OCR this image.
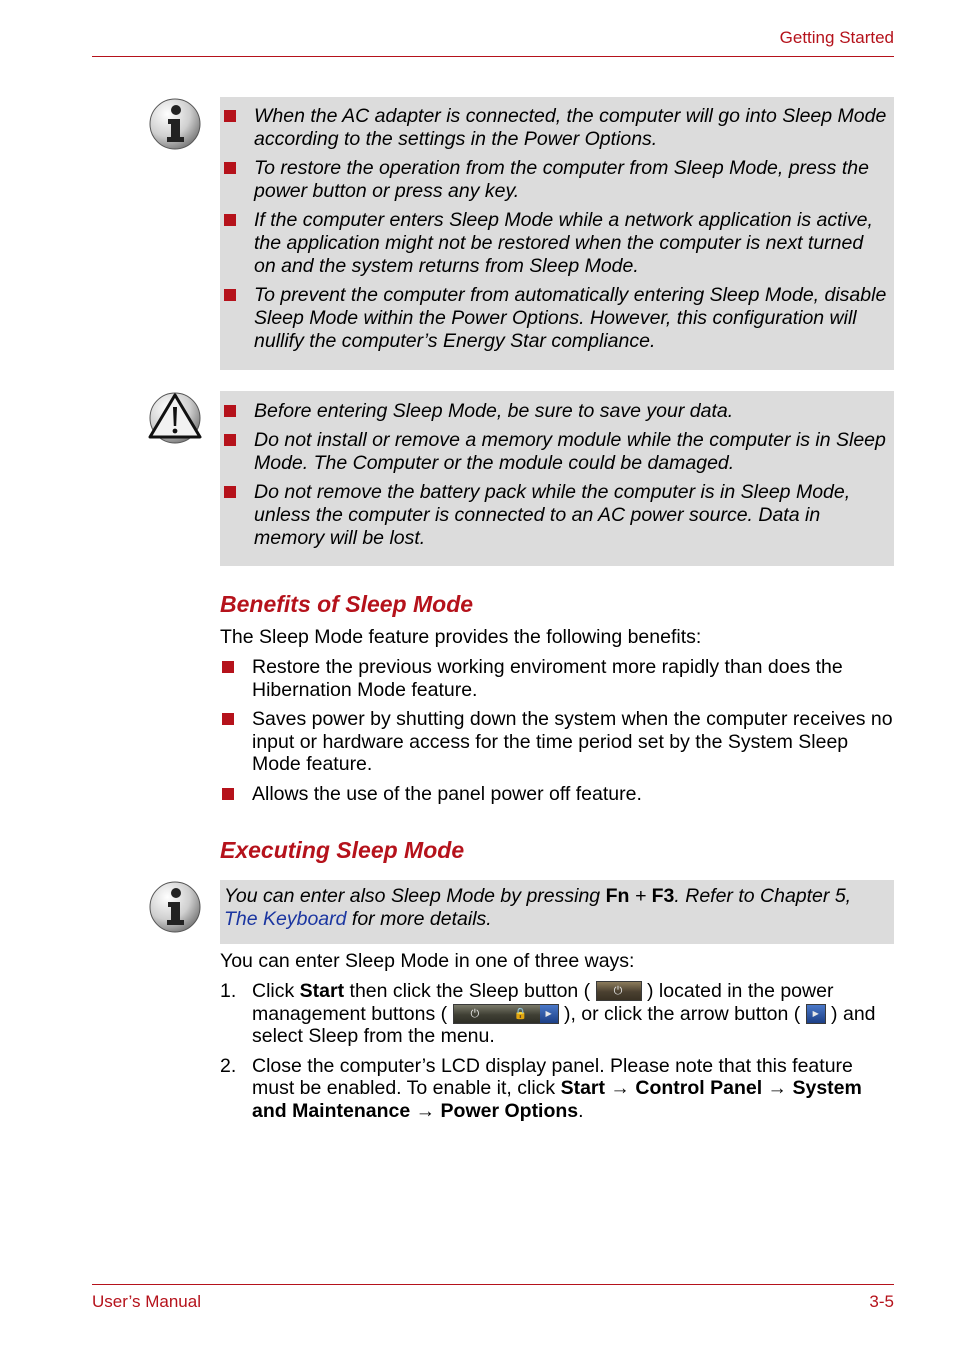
Getting Started
User’s Manual	3-5
When the AC adapter is connected, the computer will go into Sleep Mode according to the settings in the Power Options.
To restore the operation from the computer from Sleep Mode, press the power button or press any key.
If the computer enters Sleep Mode while a network application is active, the application might not be restored when the computer is next turned on and the system returns from Sleep Mode.
To prevent the computer from automatically entering Sleep Mode, disable Sleep Mode within the Power Options. However, this configuration will nullify the computer’s Energy Star compliance.
Before entering Sleep Mode, be sure to save your data.
Do not install or remove a memory module while the computer is in Sleep Mode. The Computer or the module could be damaged.
Do not remove the battery pack while the computer is in Sleep Mode, unless the computer is connected to an AC power source. Data in memory will be lost.
Benefits of Sleep Mode
The Sleep Mode feature provides the following benefits:
Restore the previous working enviroment more rapidly than does the Hibernation Mode feature.
Saves power by shutting down the system when the computer receives no input or hardware access for the time period set by the System Sleep Mode feature.
Allows the use of the panel power off feature.
Executing Sleep Mode
You can enter also Sleep Mode by pressing Fn + F3. Refer to Chapter 5, The Keyboard for more details.
You can enter Sleep Mode in one of three ways:
1. Click Start then click the Sleep button ( ⏻ ) located in the power management buttons ( ⏻	🔒 ▶ ), or click the arrow button ( ▶ ) and select Sleep from the menu.
2. Close the computer’s LCD display panel. Please note that this feature must be enabled. To enable it, click Start → Control Panel → System and Maintenance → Power Options.
